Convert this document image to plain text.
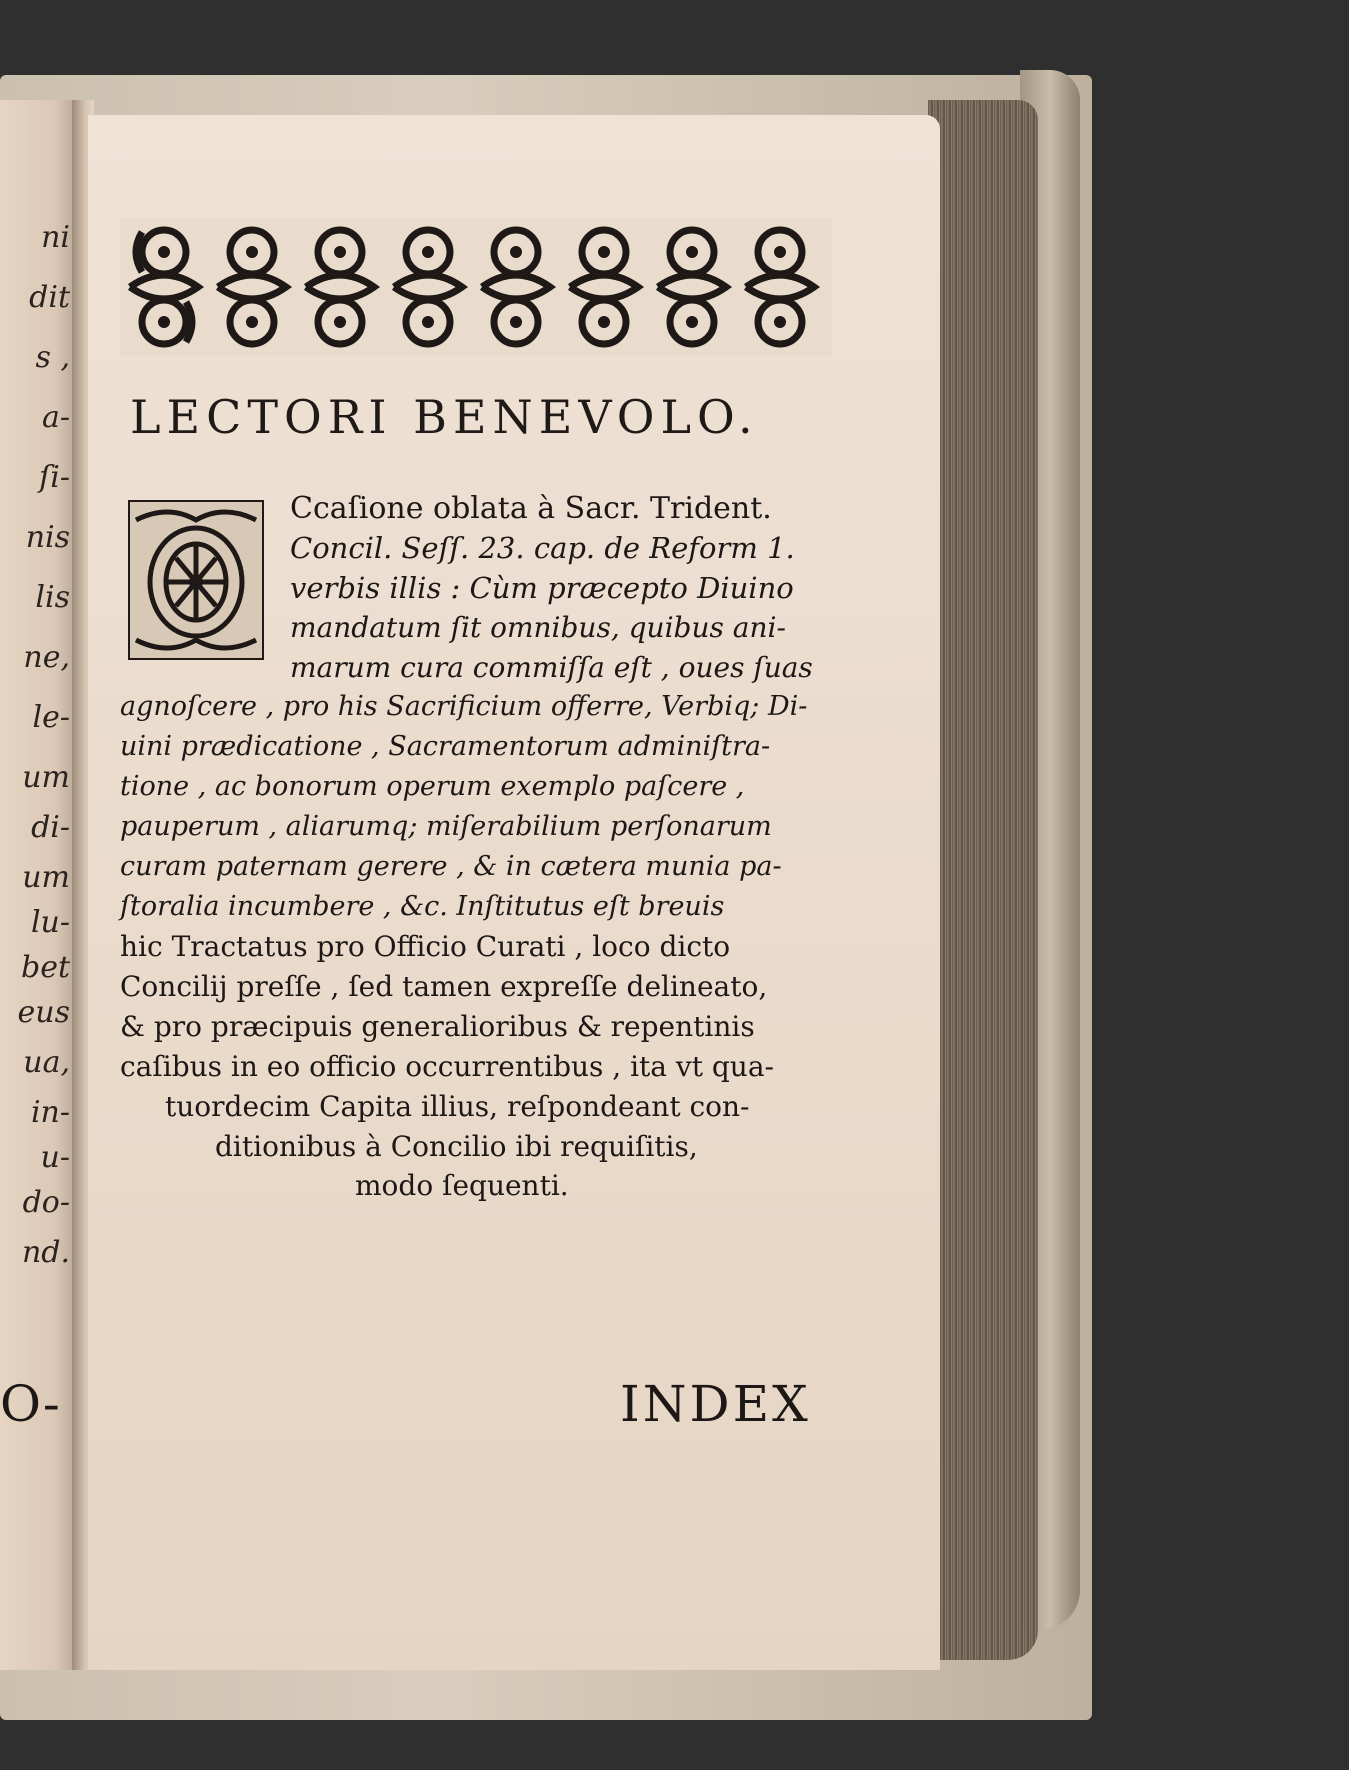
ni
dit
s ,
a-
ſi-
nis
lis
ne,
le-
um
di-
um
lu-
bet
eus
ua,
in-
u-
do-
nd.
O-
LECTORI BENEVOLO.
Ccaſione oblata à Sacr. Trident.
Concil. Seſſ. 23. cap. de Reform 1.
verbis illis : Cùm præcepto Diuino
mandatum ſit omnibus, quibus ani-
marum cura commiſſa eſt , oues ſuas
agnoſcere , pro his Sacrificium offerre, Verbiq; Di-
uini prædicatione , Sacramentorum adminiſtra-
tione , ac bonorum operum exemplo paſcere ,
pauperum , aliarumq; miſerabilium perſonarum
curam paternam gerere , & in cætera munia pa-
ſtoralia incumbere , &c. Inſtitutus eſt breuis
hic Tractatus pro Officio Curati , loco dicto
Concilij preſſe , ſed tamen expreſſe delineato,
& pro præcipuis generalioribus & repentinis
caſibus in eo officio occurrentibus , ita vt qua-
tuordecim Capita illius, reſpondeant con-
ditionibus à Concilio ibi requiſitis,
modo ſequenti.
INDEX
